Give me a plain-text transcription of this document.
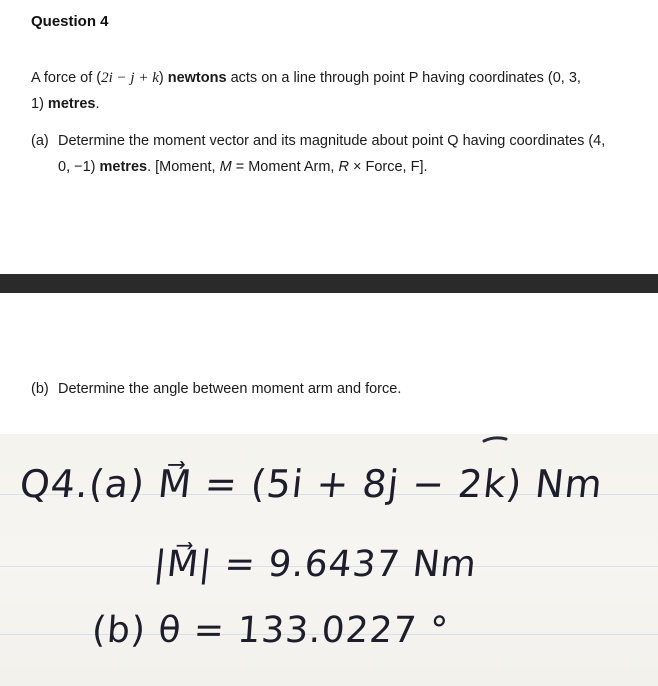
Question 4
A force of (2i − j + k) newtons acts on a line through point P having coordinates (0, 3,
1) metres.
(a) Determine the moment vector and its magnitude about point Q having coordinates (4,
0, −1) metres. [Moment, M = Moment Arm, R × Force, F].
(b) Determine the angle between moment arm and force.
Q4.(a) M⃗ = (5i + 8j − 2k) Nm
|M⃗| = 9.6437 Nm
(b) θ = 133.0227 °
